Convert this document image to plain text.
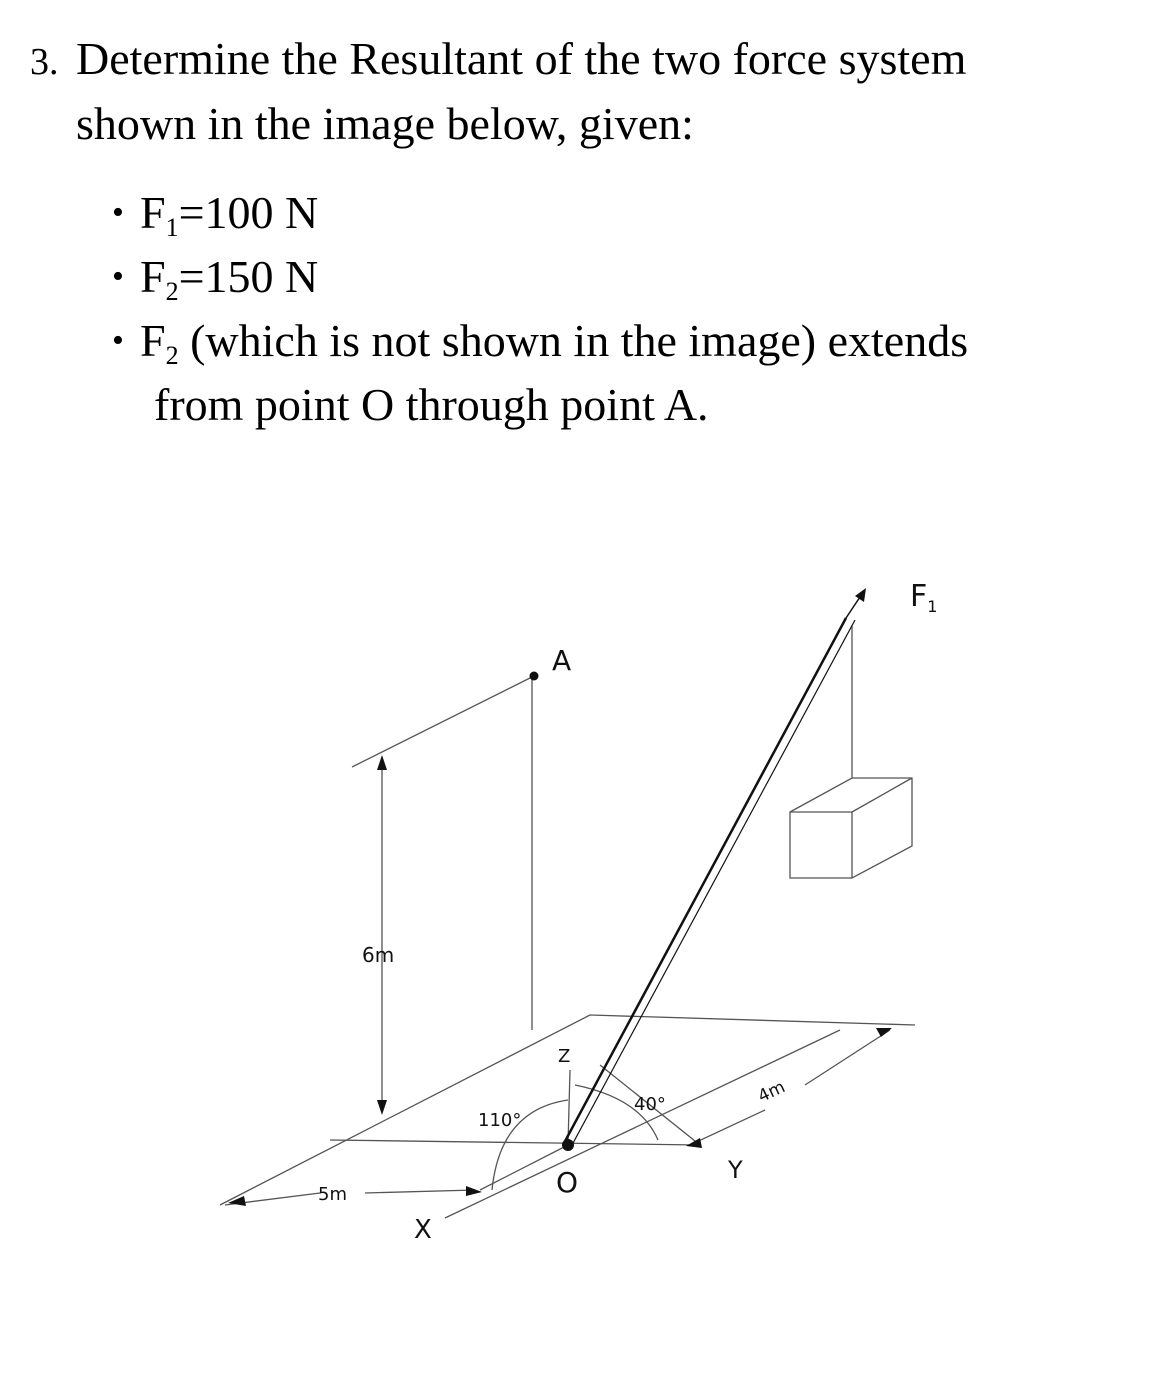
3. Determine the Resultant of the two force system
shown in the image below, given:

• $F_1=100$ N
• $F_2=150$ N
• $F_2$ (which is not shown in the image) extends
from point O through point A.
A
O
$F_1$
X
Y
Z
6m
5m
4m
110°
40°
